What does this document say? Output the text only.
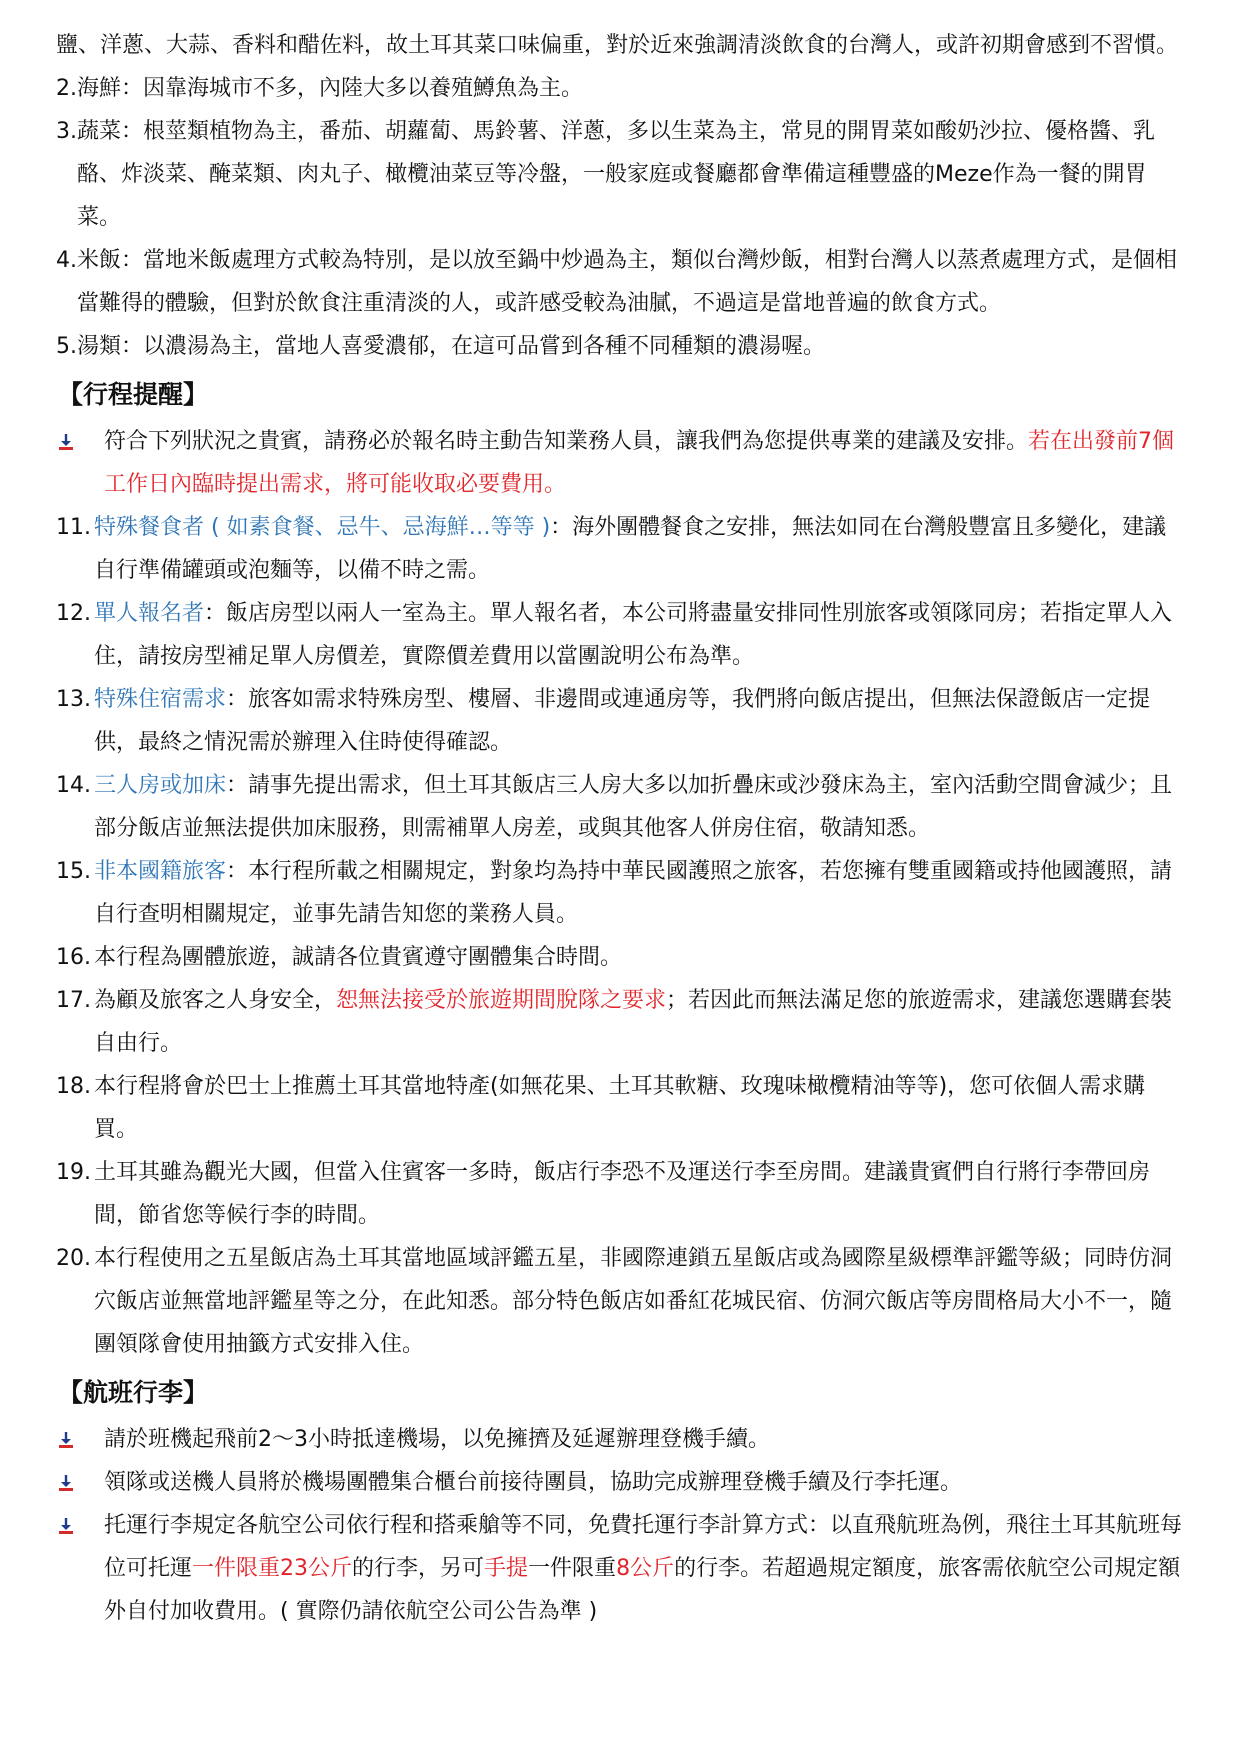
鹽、洋蔥、大蒜、香料和醋佐料，故土耳其菜口味偏重，對於近來強調清淡飲食的台灣人，或許初期會感到不習慣。

2. 海鮮：因靠海城市不多，內陸大多以養殖鱒魚為主。
3. 蔬菜：根莖類植物為主，番茄、胡蘿蔔、馬鈴薯、洋蔥，多以生菜為主，常見的開胃菜如酸奶沙拉、優格醬、乳酪、炸淡菜、醃菜類、肉丸子、橄欖油菜豆等冷盤，一般家庭或餐廳都會準備這種豐盛的Meze作為一餐的開胃菜。
4. 米飯：當地米飯處理方式較為特別，是以放至鍋中炒過為主，類似台灣炒飯，相對台灣人以蒸煮處理方式，是個相當難得的體驗，但對於飲食注重清淡的人，或許感受較為油膩，不過這是當地普遍的飲食方式。
5. 湯類：以濃湯為主，當地人喜愛濃郁，在這可品嘗到各種不同種類的濃湯喔。
【行程提醒】
符合下列狀況之貴賓，請務必於報名時主動告知業務人員，讓我們為您提供專業的建議及安排。若在出發前7個工作日內臨時提出需求，將可能收取必要費用。
11. 特殊餐食者 ( 如素食餐、忌牛、忌海鮮…等等 )：海外團體餐食之安排，無法如同在台灣般豐富且多變化，建議自行準備罐頭或泡麵等，以備不時之需。
12. 單人報名者：飯店房型以兩人一室為主。單人報名者，本公司將盡量安排同性別旅客或領隊同房；若指定單人入住，請按房型補足單人房價差，實際價差費用以當團說明公布為準。
13. 特殊住宿需求：旅客如需求特殊房型、樓層、非邊間或連通房等，我們將向飯店提出，但無法保證飯店一定提供，最終之情況需於辦理入住時使得確認。
14. 三人房或加床：請事先提出需求，但土耳其飯店三人房大多以加折疊床或沙發床為主，室內活動空間會減少；且部分飯店並無法提供加床服務，則需補單人房差，或與其他客人併房住宿，敬請知悉。
15. 非本國籍旅客：本行程所載之相關規定，對象均為持中華民國護照之旅客，若您擁有雙重國籍或持他國護照，請自行查明相關規定，並事先請告知您的業務人員。
16. 本行程為團體旅遊，誠請各位貴賓遵守團體集合時間。
17. 為顧及旅客之人身安全，恕無法接受於旅遊期間脫隊之要求；若因此而無法滿足您的旅遊需求，建議您選購套裝自由行。
18. 本行程將會於巴士上推薦土耳其當地特產(如無花果、土耳其軟糖、玫瑰味橄欖精油等等)，您可依個人需求購買。
19. 土耳其雖為觀光大國，但當入住賓客一多時，飯店行李恐不及運送行李至房間。建議貴賓們自行將行李帶回房間，節省您等候行李的時間。
20. 本行程使用之五星飯店為土耳其當地區域評鑑五星，非國際連鎖五星飯店或為國際星級標準評鑑等級；同時仿洞穴飯店並無當地評鑑星等之分，在此知悉。部分特色飯店如番紅花城民宿、仿洞穴飯店等房間格局大小不一，隨團領隊會使用抽籤方式安排入住。
【航班行李】
請於班機起飛前2～3小時抵達機場，以免擁擠及延遲辦理登機手續。
領隊或送機人員將於機場團體集合櫃台前接待團員，協助完成辦理登機手續及行李托運。
托運行李規定各航空公司依行程和搭乘艙等不同，免費托運行李計算方式：以直飛航班為例，飛往土耳其航班每位可托運一件限重23公斤的行李，另可手提一件限重8公斤的行李。若超過規定額度，旅客需依航空公司規定額外自付加收費用。( 實際仍請依航空公司公告為準 )
